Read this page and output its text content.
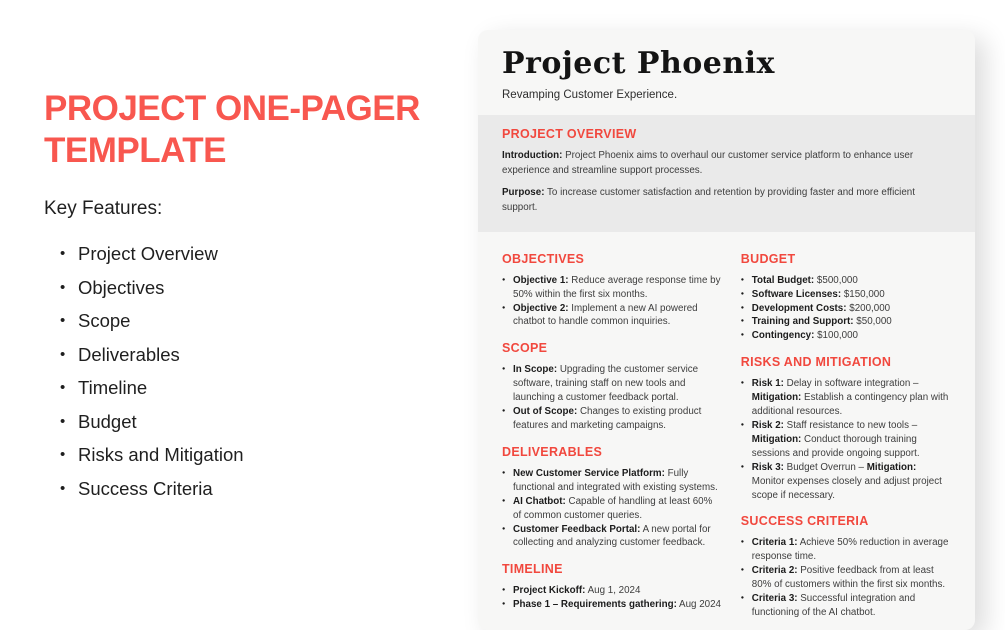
PROJECT ONE-PAGER
TEMPLATE
Key Features:
• Project Overview
• Objectives
• Scope
• Deliverables
• Timeline
• Budget
• Risks and Mitigation
• Success Criteria
Project Phoenix
Revamping Customer Experience.
PROJECT OVERVIEW
Introduction: Project Phoenix aims to overhaul our customer service platform to enhance user experience and streamline support processes.
Purpose: To increase customer satisfaction and retention by providing faster and more efficient support.
OBJECTIVES
● Objective 1: Reduce average response time by 50% within the first six months.
● Objective 2: Implement a new AI powered chatbot to handle common inquiries.
SCOPE
● In Scope: Upgrading the customer service software, training staff on new tools and launching a customer feedback portal.
● Out of Scope: Changes to existing product features and marketing campaigns.
DELIVERABLES
● New Customer Service Platform: Fully functional and integrated with existing systems.
● AI Chatbot: Capable of handling at least 60% of common customer queries.
● Customer Feedback Portal: A new portal for collecting and analyzing customer feedback.
TIMELINE
● Project Kickoff: Aug 1, 2024
● Phase 1 – Requirements gathering: Aug 2024
BUDGET
● Total Budget: $500,000
● Software Licenses: $150,000
● Development Costs: $200,000
● Training and Support: $50,000
● Contingency: $100,000
RISKS AND MITIGATION
● Risk 1: Delay in software integration – Mitigation: Establish a contingency plan with additional resources.
● Risk 2: Staff resistance to new tools – Mitigation: Conduct thorough training sessions and provide ongoing support.
● Risk 3: Budget Overrun – Mitigation: Monitor expenses closely and adjust project scope if necessary.
SUCCESS CRITERIA
● Criteria 1: Achieve 50% reduction in average response time.
● Criteria 2: Positive feedback from at least 80% of customers within the first six months.
● Criteria 3: Successful integration and functioning of the AI chatbot.
